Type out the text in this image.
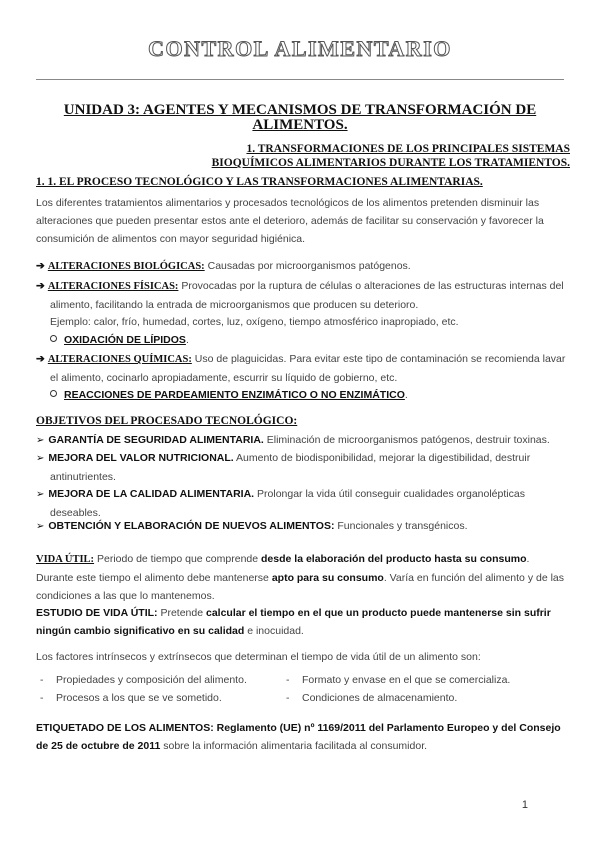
CONTROL ALIMENTARIO
UNIDAD 3: AGENTES Y MECANISMOS DE TRANSFORMACIÓN DE ALIMENTOS.
1. TRANSFORMACIONES DE LOS PRINCIPALES SISTEMAS
BIOQUÍMICOS ALIMENTARIOS DURANTE LOS TRATAMIENTOS.
1. 1. EL PROCESO TECNOLÓGICO Y LAS TRANSFORMACIONES ALIMENTARIAS.
Los diferentes tratamientos alimentarios y procesados tecnológicos de los alimentos pretenden disminuir las alteraciones que pueden presentar estos ante el deterioro, además de facilitar su conservación y favorecer la consumición de alimentos con mayor seguridad higiénica.
➔ ALTERACIONES BIOLÓGICAS: Causadas por microorganismos patógenos.
➔ ALTERACIONES FÍSICAS: Provocadas por la ruptura de células o alteraciones de las estructuras internas del alimento, facilitando la entrada de microorganismos que producen su deterioro.
Ejemplo: calor, frío, humedad, cortes, luz, oxígeno, tiempo atmosférico inapropiado, etc.
OXIDACIÓN DE LÍPIDOS.
➔ ALTERACIONES QUÍMICAS: Uso de plaguicidas. Para evitar este tipo de contaminación se recomienda lavar el alimento, cocinarlo apropiadamente, escurrir su líquido de gobierno, etc.
REACCIONES DE PARDEAMIENTO ENZIMÁTICO O NO ENZIMÁTICO.
OBJETIVOS DEL PROCESADO TECNOLÓGICO:
➢ GARANTÍA DE SEGURIDAD ALIMENTARIA. Eliminación de microorganismos patógenos, destruir toxinas.
➢ MEJORA DEL VALOR NUTRICIONAL. Aumento de biodisponibilidad, mejorar la digestibilidad, destruir antinutrientes.
➢ MEJORA DE LA CALIDAD ALIMENTARIA. Prolongar la vida útil conseguir cualidades organolépticas deseables.
➢ OBTENCIÓN Y ELABORACIÓN DE NUEVOS ALIMENTOS: Funcionales y transgénicos.
VIDA ÚTIL: Periodo de tiempo que comprende desde la elaboración del producto hasta su consumo. Durante este tiempo el alimento debe mantenerse apto para su consumo. Varía en función del alimento y de las condiciones a las que lo mantenemos.
ESTUDIO DE VIDA ÚTIL: Pretende calcular el tiempo en el que un producto puede mantenerse sin sufrir ningún cambio significativo en su calidad e inocuidad.
Los factores intrínsecos y extrínsecos que determinan el tiempo de vida útil de un alimento son:
- Propiedades y composición del alimento.
- Procesos a los que se ve sometido.
- Formato y envase en el que se comercializa.
- Condiciones de almacenamiento.
ETIQUETADO DE LOS ALIMENTOS: Reglamento (UE) nº 1169/2011 del Parlamento Europeo y del Consejo de 25 de octubre de 2011 sobre la información alimentaria facilitada al consumidor.
1
